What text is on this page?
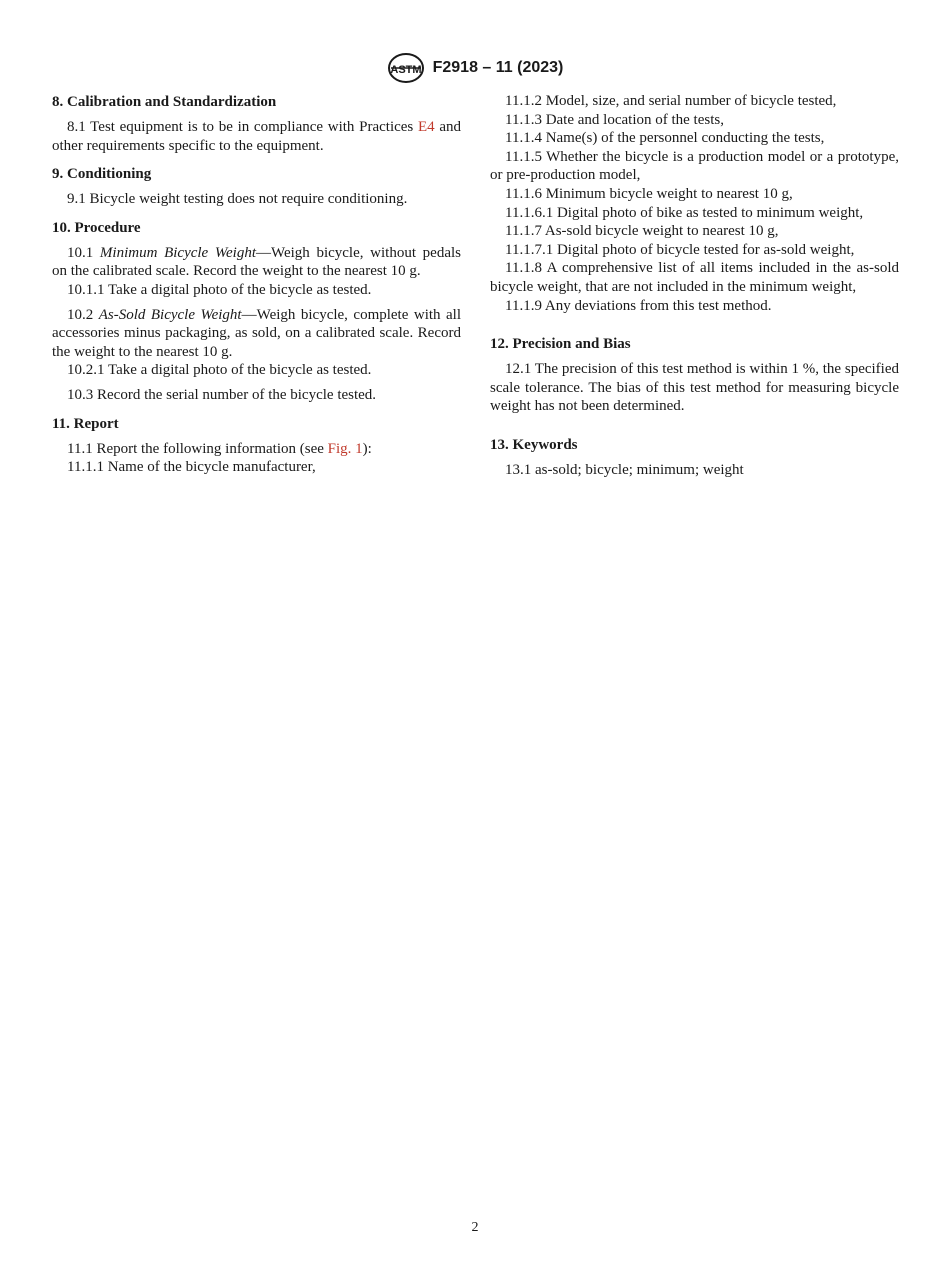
ASTM F2918 – 11 (2023)
8. Calibration and Standardization

8.1 Test equipment is to be in compliance with Practices E4 and other requirements specific to the equipment.

9. Conditioning

9.1 Bicycle weight testing does not require conditioning.

10. Procedure

10.1 Minimum Bicycle Weight—Weigh bicycle, without pedals on the calibrated scale. Record the weight to the nearest 10 g.

10.1.1 Take a digital photo of the bicycle as tested.

10.2 As-Sold Bicycle Weight—Weigh bicycle, complete with all accessories minus packaging, as sold, on a calibrated scale. Record the weight to the nearest 10 g.

10.2.1 Take a digital photo of the bicycle as tested.

10.3 Record the serial number of the bicycle tested.

11. Report

11.1 Report the following information (see Fig. 1):

11.1.1 Name of the bicycle manufacturer,

11.1.2 Model, size, and serial number of bicycle tested,

11.1.3 Date and location of the tests,

11.1.4 Name(s) of the personnel conducting the tests,

11.1.5 Whether the bicycle is a production model or a prototype, or pre-production model,

11.1.6 Minimum bicycle weight to nearest 10 g,

11.1.6.1 Digital photo of bike as tested to minimum weight,

11.1.7 As-sold bicycle weight to nearest 10 g,

11.1.7.1 Digital photo of bicycle tested for as-sold weight,

11.1.8 A comprehensive list of all items included in the as-sold bicycle weight, that are not included in the minimum weight,

11.1.9 Any deviations from this test method.

12. Precision and Bias

12.1 The precision of this test method is within 1 %, the specified scale tolerance. The bias of this test method for measuring bicycle weight has not been determined.

13. Keywords

13.1 as-sold; bicycle; minimum; weight

2
